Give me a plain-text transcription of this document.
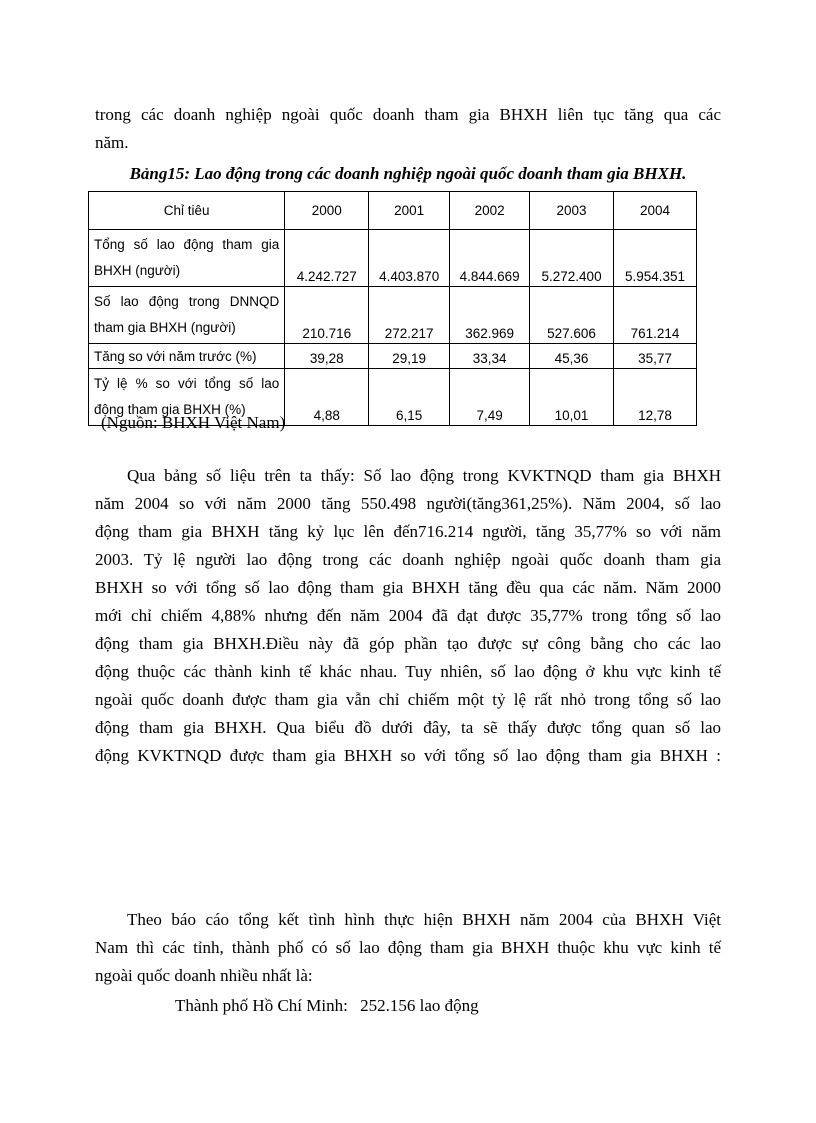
trong các doanh nghiệp ngoài quốc doanh tham gia BHXH liên tục tăng qua các
năm.
Bảng15: Lao động trong các doanh nghiệp ngoài quốc doanh tham gia BHXH.
Chỉ tiêu	2000	2001	2002	2003	2004
Tổng số lao động tham gia BHXH (người)	4.242.727	4.403.870	4.844.669	5.272.400	5.954.351
Số lao động trong DNNQD tham gia BHXH (người)	210.716	272.217	362.969	527.606	761.214
Tăng so với năm trước (%)	39,28	29,19	33,34	45,36	35,77
Tỷ lệ % so với tổng số lao động tham gia BHXH (%)	4,88	6,15	7,49	10,01	12,78
(Nguồn: BHXH Việt Nam)
Qua bảng số liệu trên ta thấy: Số lao động trong KVKTNQD tham gia BHXH
năm 2004 so với năm 2000 tăng 550.498 người(tăng361,25%). Năm 2004, số lao
động tham gia BHXH tăng kỷ lục lên đến716.214 người, tăng 35,77% so với năm
2003. Tỷ lệ người lao động trong các doanh nghiệp ngoài quốc doanh tham gia
BHXH so với tổng số lao động tham gia BHXH tăng đều qua các năm. Năm 2000
mới chỉ chiếm 4,88% nhưng đến năm 2004 đã đạt được 35,77% trong tổng số lao
động tham gia BHXH.Điều này đã góp phần tạo được sự công bằng cho các lao
động thuộc các thành kinh tế khác nhau. Tuy nhiên, số lao động ở khu vực kinh tế
ngoài quốc doanh được tham gia vẫn chỉ chiếm một tỷ lệ rất nhỏ trong tổng số lao
động tham gia BHXH. Qua biểu đồ dưới đây, ta sẽ thấy được tổng quan số lao
động KVKTNQD được tham gia BHXH so với tổng số lao động tham gia BHXH :
Theo báo cáo tổng kết tình hình thực hiện BHXH năm 2004 của BHXH Việt
Nam thì các tỉnh, thành phố có số lao động tham gia BHXH thuộc khu vực kinh tế
ngoài quốc doanh nhiều nhất là:
Thành phố Hồ Chí Minh: 252.156 lao động
